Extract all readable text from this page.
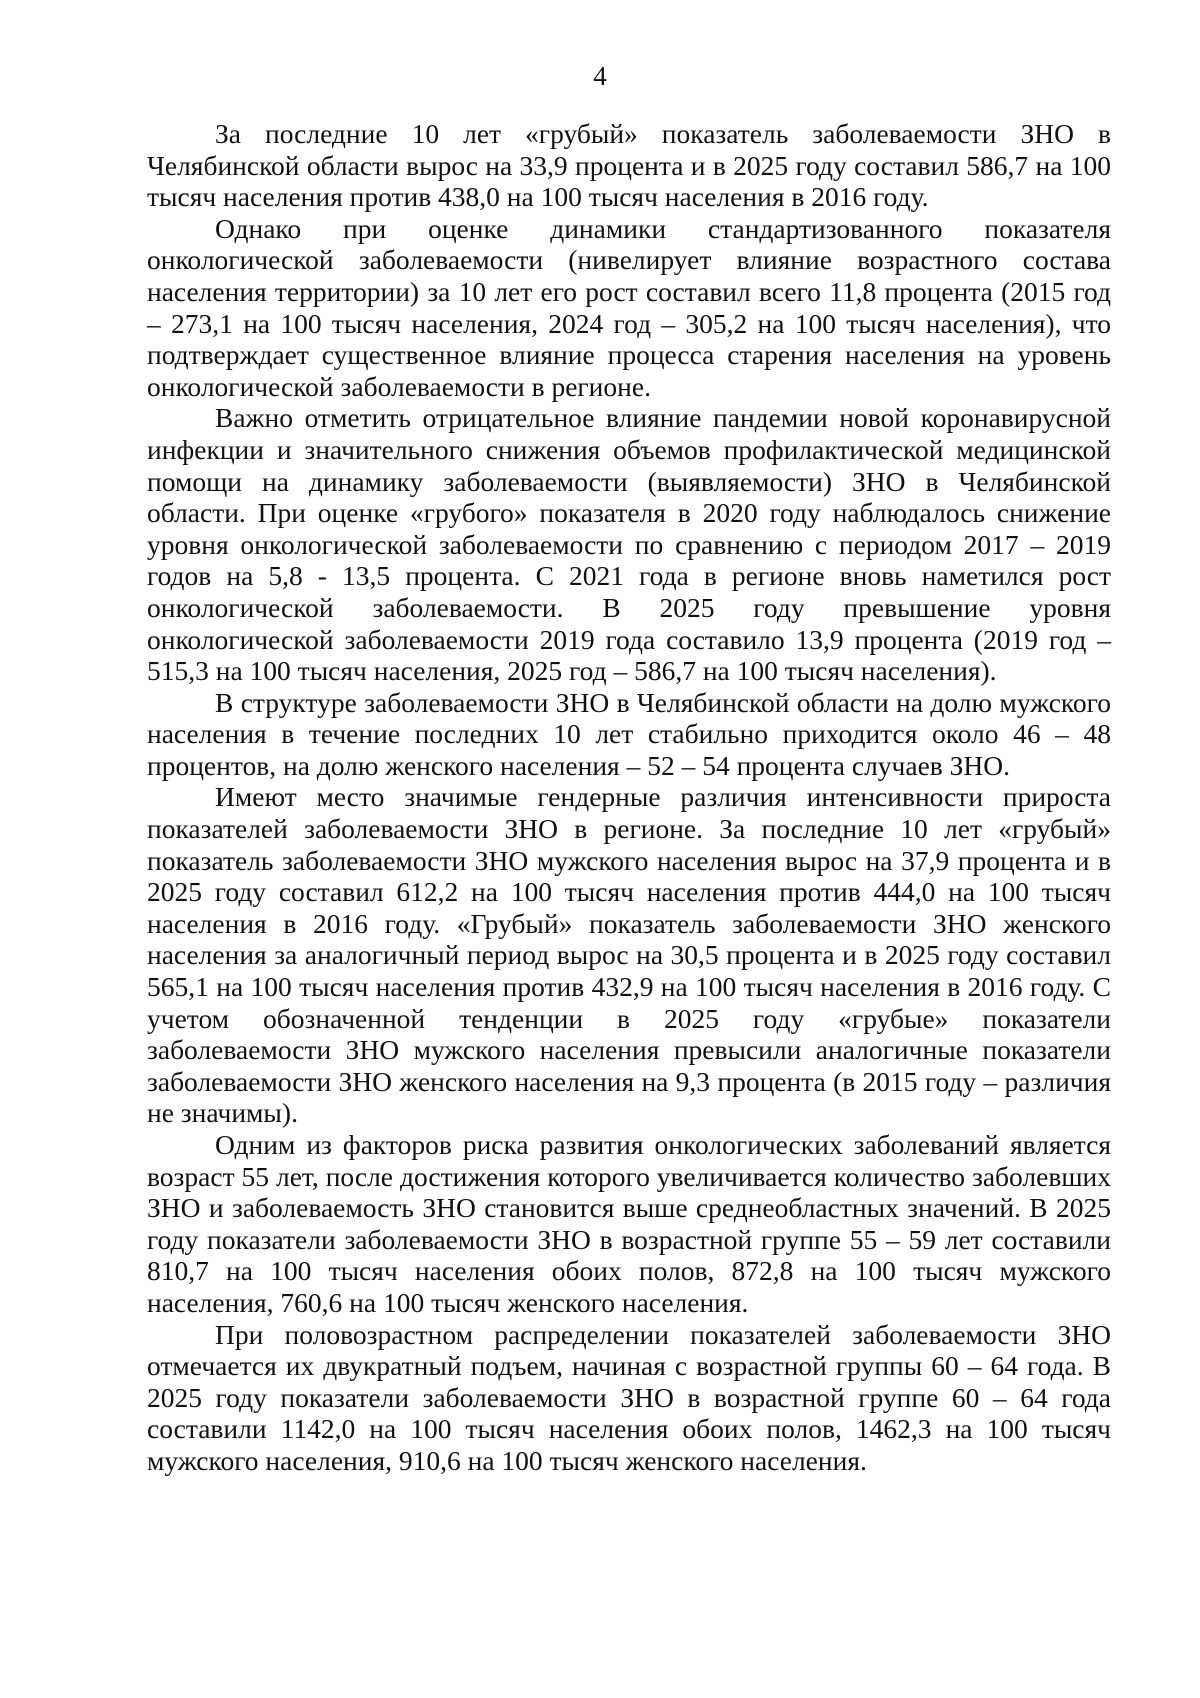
4

За последние 10 лет «грубый» показатель заболеваемости ЗНО в Челябинской области вырос на 33,9 процента и в 2025 году составил 586,7 на 100 тысяч населения против 438,0 на 100 тысяч населения в 2016 году.

Однако при оценке динамики стандартизованного показателя онкологической заболеваемости (нивелирует влияние возрастного состава населения территории) за 10 лет его рост составил всего 11,8 процента (2015 год – 273,1 на 100 тысяч населения, 2024 год – 305,2 на 100 тысяч населения), что подтверждает существенное влияние процесса старения населения на уровень онкологической заболеваемости в регионе.

Важно отметить отрицательное влияние пандемии новой коронавирусной инфекции и значительного снижения объемов профилактической медицинской помощи на динамику заболеваемости (выявляемости) ЗНО в Челябинской области. При оценке «грубого» показателя в 2020 году наблюдалось снижение уровня онкологической заболеваемости по сравнению с периодом 2017 – 2019 годов на 5,8 - 13,5 процента. С 2021 года в регионе вновь наметился рост онкологической заболеваемости. В 2025 году превышение уровня онкологической заболеваемости 2019 года составило 13,9 процента (2019 год – 515,3 на 100 тысяч населения, 2025 год – 586,7 на 100 тысяч населения).

В структуре заболеваемости ЗНО в Челябинской области на долю мужского населения в течение последних 10 лет стабильно приходится около 46 – 48 процентов, на долю женского населения – 52 – 54 процента случаев ЗНО.

Имеют место значимые гендерные различия интенсивности прироста показателей заболеваемости ЗНО в регионе. За последние 10 лет «грубый» показатель заболеваемости ЗНО мужского населения вырос на 37,9 процента и в 2025 году составил 612,2 на 100 тысяч населения против 444,0 на 100 тысяч населения в 2016 году. «Грубый» показатель заболеваемости ЗНО женского населения за аналогичный период вырос на 30,5 процента и в 2025 году составил 565,1 на 100 тысяч населения против 432,9 на 100 тысяч населения в 2016 году. С учетом обозначенной тенденции в 2025 году «грубые» показатели заболеваемости ЗНО мужского населения превысили аналогичные показатели заболеваемости ЗНО женского населения на 9,3 процента (в 2015 году – различия не значимы).

Одним из факторов риска развития онкологических заболеваний является возраст 55 лет, после достижения которого увеличивается количество заболевших ЗНО и заболеваемость ЗНО становится выше среднеобластных значений. В 2025 году показатели заболеваемости ЗНО в возрастной группе 55 – 59 лет составили 810,7 на 100 тысяч населения обоих полов, 872,8 на 100 тысяч мужского населения, 760,6 на 100 тысяч женского населения.

При половозрастном распределении показателей заболеваемости ЗНО отмечается их двукратный подъем, начиная с возрастной группы 60 – 64 года. В 2025 году показатели заболеваемости ЗНО в возрастной группе 60 – 64 года составили 1142,0 на 100 тысяч населения обоих полов, 1462,3 на 100 тысяч мужского населения, 910,6 на 100 тысяч женского населения.
